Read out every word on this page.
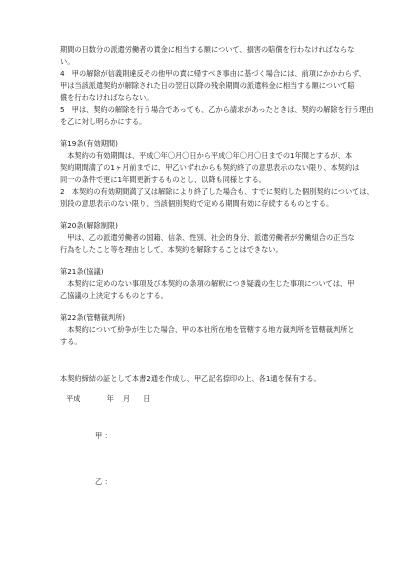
期間の日数分の派遣労働者の賃金に相当する額について、損害の賠償を行わなければならな

い。

4　甲の解除が信義則違反その他甲の責に帰すべき事由に基づく場合には、前項にかかわらず、

甲は当該派遣契約が解除された日の翌日以降の残余期間の派遣料金に相当する額について賠

償を行わなければならない。

5　甲は、契約の解除を行う場合であっても、乙から請求があったときは、契約の解除を行う理由

を乙に対し明らかにする。

第19条(有効期間)

　本契約の有効期間は、平成〇年〇月〇日から平成〇年〇月〇日までの1年間とするが、本

契約期間満了の1ヶ月前までに、甲乙いずれからも契約終了の意思表示のない限り、本契約は

同一の条件で更に1年間更新するものとし、以降も同様とする。

2　本契約の有効期間満了又は解除により終了した場合も、すでに契約した個別契約については、

別段の意思表示のない限り、当該個別契約で定める期間有効に存続するものとする。

第20条(解除制限)

　甲は、乙の派遣労働者の国籍、信条、性別、社会的身分、派遣労働者が労働組合の正当な

行為をしたこと等を理由として、本契約を解除することはできない。

第21条(協議)

　本契約に定めのない事項及び本契約の条項の解釈につき疑義の生じた事項については、甲

乙協議の上決定するものとする。

第22条(管轄裁判所)

　本契約について紛争が生じた場合、甲の本社所在地を管轄する地方裁判所を管轄裁判所と

する。

本契約締結の証として本書2通を作成し、甲乙記名捺印の上、各1通を保有する。

平成	年 月 日

甲 ：

乙 ：
